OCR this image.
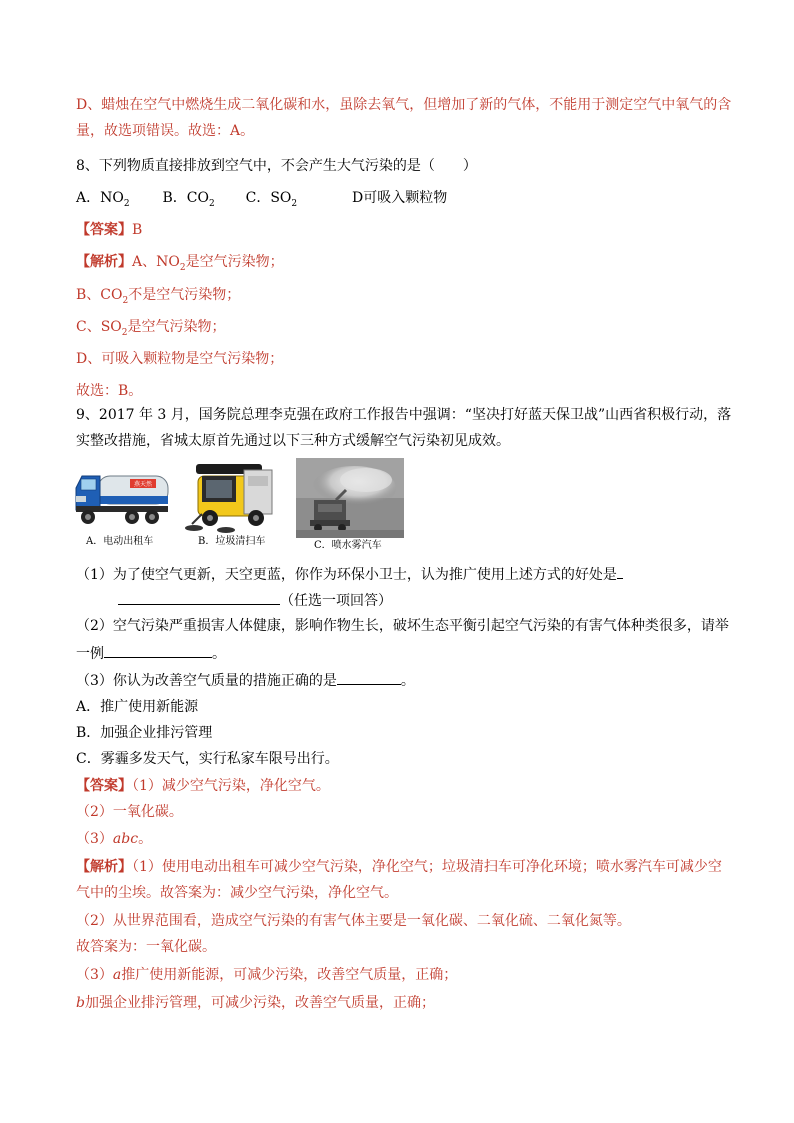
D、蜡烛在空气中燃烧生成二氧化碳和水，虽除去氧气，但增加了新的气体，不能用于测定空气中氧气的含
量，故选项错误。故选：A。
8、下列物质直接排放到空气中，不会产生大气污染的是（　　）
A．$NO_2$ B．$CO_2$ C．$SO_2$	D可吸入颗粒物
【答案】B
【解析】A、$NO_2$是空气污染物；
B、$CO_2$不是空气污染物；
C、$SO_2$是空气污染物；
D、可吸入颗粒物是空气污染物；
故选：B。
9、2017 年 3 月，国务院总理李克强在政府工作报告中强调：“坚决打好蓝天保卫战”山西省积极行动，落
实整改措施，省城太原首先通过以下三种方式缓解空气污染初见成效。
燕天然
A．电动出租车	B．垃圾清扫车	C．喷水雾汽车
（1）为了使空气更新，天空更蓝，你作为环保小卫士，认为推广使用上述方式的好处是
（任选一项回答）
（2）空气污染严重损害人体健康，影响作物生长，破坏生态平衡引起空气污染的有害气体种类很多，请举
一例	。
（3）你认为改善空气质量的措施正确的是	。
A．推广使用新能源
B．加强企业排污管理
C．雾霾多发天气，实行私家车限号出行。
【答案】（1）减少空气污染，净化空气。
（2）一氧化碳。
（3）abc。
【解析】（1）使用电动出租车可减少空气污染，净化空气；垃圾清扫车可净化环境；喷水雾汽车可减少空
气中的尘埃。故答案为：减少空气污染，净化空气。
（2）从世界范围看，造成空气污染的有害气体主要是一氧化碳、二氧化硫、二氧化氮等。
故答案为：一氧化碳。
（3）a推广使用新能源，可减少污染，改善空气质量，正确；
b加强企业排污管理，可减少污染，改善空气质量，正确；
